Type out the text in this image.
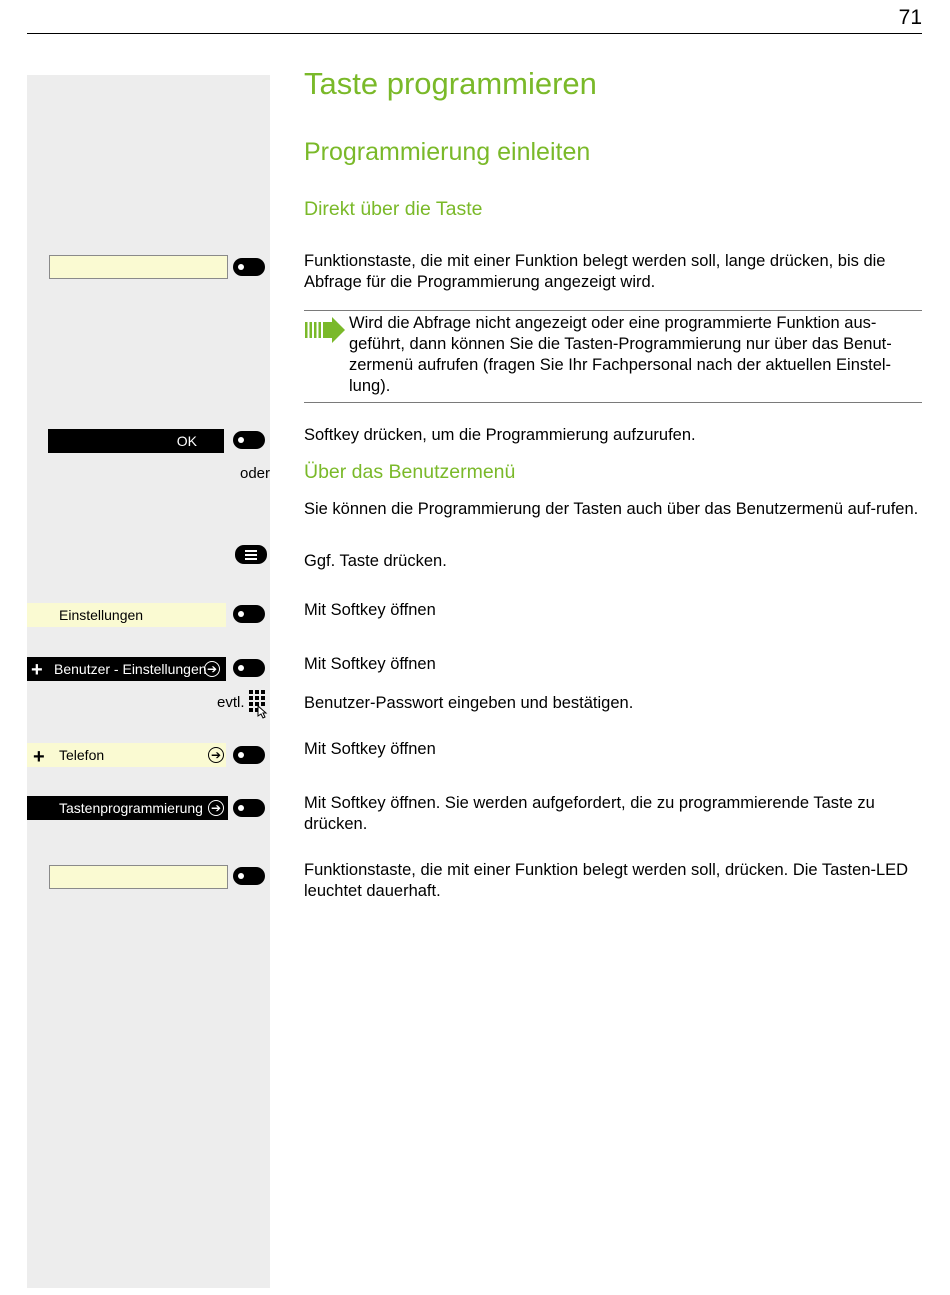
71
Taste programmieren
Programmierung einleiten
Direkt über die Taste
Funktionstaste, die mit einer Funktion belegt werden soll, lange drücken, bis die Abfrage für die Programmierung angezeigt wird.
Wird die Abfrage nicht angezeigt oder eine programmierte Funktion aus-geführt, dann können Sie die Tasten-Programmierung nur über das Benut-zermenü aufrufen (fragen Sie Ihr Fachpersonal nach der aktuellen Einstel-lung).
OK	Softkey drücken, um die Programmierung aufzurufen.
oder Über das Benutzermenü
Sie können die Programmierung der Tasten auch über das Benutzermenü auf-rufen.
Ggf. Taste drücken.
Einstellungen	Mit Softkey öffnen
+ Benutzer - Einstellungen ➔	Mit Softkey öffnen
evtl.	Benutzer-Passwort eingeben und bestätigen.
+ Telefon	➔	Mit Softkey öffnen
Tastenprogrammierung ➔	Mit Softkey öffnen. Sie werden aufgefordert, die zu programmierende Taste zu drücken.
Funktionstaste, die mit einer Funktion belegt werden soll, drücken. Die Tasten-LED leuchtet dauerhaft.
